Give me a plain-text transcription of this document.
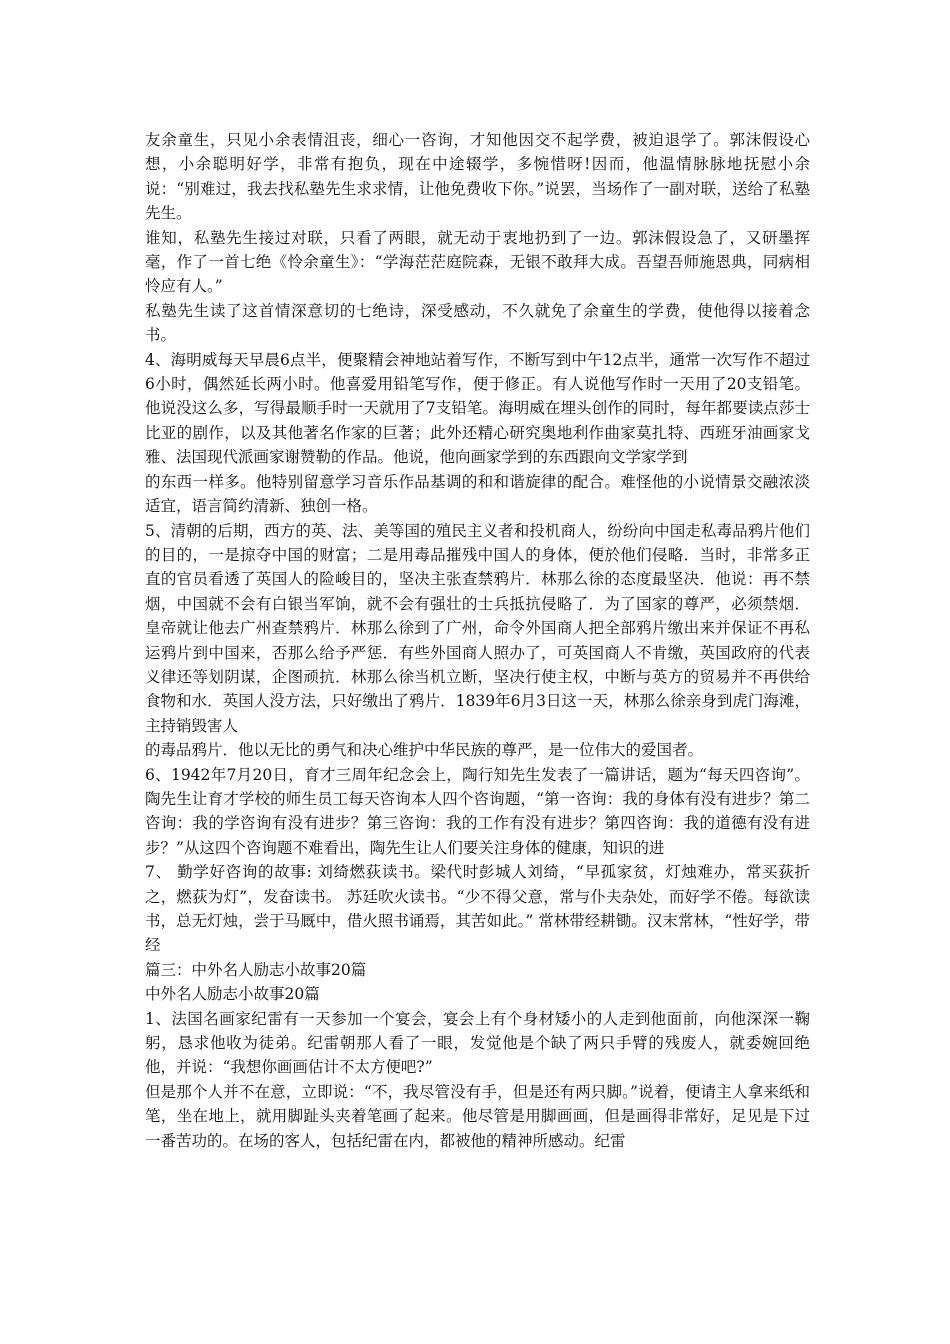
友余童生，只见小余表情沮丧，细心一咨询，才知他因交不起学费，被迫退学了。郭沫假设心想，小余聪明好学，非常有抱负，现在中途辍学，多惋惜呀!因而，他温情脉脉地抚慰小余说：“别难过，我去找私塾先生求求情，让他免费收下你。”说罢，当场作了一副对联，送给了私塾先生。

谁知，私塾先生接过对联，只看了两眼，就无动于衷地扔到了一边。郭沫假设急了，又研墨挥毫，作了一首七绝《怜余童生》：“学海茫茫庭院森，无银不敢拜大成。吾望吾师施恩典，同病相怜应有人。”

私塾先生读了这首情深意切的七绝诗，深受感动，不久就免了余童生的学费，使他得以接着念书。

4、海明威每天早晨6点半，便聚精会神地站着写作，不断写到中午12点半，通常一次写作不超过6小时，偶然延长两小时。他喜爱用铅笔写作，便于修正。有人说他写作时一天用了20支铅笔。他说没这么多，写得最顺手时一天就用了7支铅笔。海明威在埋头创作的同时，每年都要读点莎士比亚的剧作，以及其他著名作家的巨著；此外还精心研究奥地利作曲家莫扎特、西班牙油画家戈雅、法国现代派画家谢赞勒的作品。他说，他向画家学到的东西跟向文学家学到

的东西一样多。他特别留意学习音乐作品基调的和和谐旋律的配合。难怪他的小说情景交融浓淡适宜，语言简约清新、独创一格。

5、清朝的后期，西方的英、法、美等国的殖民主义者和投机商人，纷纷向中国走私毒品鸦片他们的目的，一是掠夺中国的财富；二是用毒品摧残中国人的身体，便於他们侵略．当时，非常多正直的官员看透了英国人的险峻目的，坚决主张查禁鸦片．林那么徐的态度最坚决．他说：再不禁烟，中国就不会有白银当军饷，就不会有强壮的士兵抵抗侵略了．为了国家的尊严，必须禁烟．皇帝就让他去广州查禁鸦片．林那么徐到了广州，命令外国商人把全部鸦片缴出来并保证不再私运鸦片到中国来，否那么给予严惩．有些外国商人照办了，可英国商人不肯缴，英国政府的代表义律还等划阴谋，企图顽抗．林那么徐当机立断，坚决行使主权，中断与英方的贸易并不再供给食物和水．英国人没方法，只好缴出了鸦片．1839年6月3日这一天，林那么徐亲身到虎门海滩，主持销毁害人

的毒品鸦片．他以无比的勇气和决心维护中华民族的尊严，是一位伟大的爱国者。

6、1942年7月20日，育才三周年纪念会上，陶行知先生发表了一篇讲话，题为“每天四咨询”。陶先生让育才学校的师生员工每天咨询本人四个咨询题，“第一咨询：我的身体有没有进步？第二咨询：我的学咨询有没有进步？第三咨询：我的工作有没有进步？第四咨询：我的道德有没有进步？”从这四个咨询题不难看出，陶先生让人们要关注身体的健康，知识的进

7、 勤学好咨询的故事: 刘绮燃荻读书。梁代时彭城人刘绮，“早孤家贫，灯烛难办，常买荻折之，燃荻为灯”，发奋读书。 苏廷吹火读书。“少不得父意，常与仆夫杂处，而好学不倦。每欲读书，总无灯烛，尝于马厩中，借火照书诵焉，其苦如此。” 常林带经耕锄。汉末常林，“性好学，带经

篇三：中外名人励志小故事20篇

中外名人励志小故事20篇

1、法国名画家纪雷有一天参加一个宴会，宴会上有个身材矮小的人走到他面前，向他深深一鞠躬，恳求他收为徒弟。纪雷朝那人看了一眼，发觉他是个缺了两只手臂的残废人，就委婉回绝他，并说：“我想你画画估计不太方便吧?”

但是那个人并不在意，立即说：“不，我尽管没有手，但是还有两只脚。”说着，便请主人拿来纸和笔，坐在地上，就用脚趾头夹着笔画了起来。他尽管是用脚画画，但是画得非常好，足见是下过一番苦功的。在场的客人，包括纪雷在内，都被他的精神所感动。纪雷
